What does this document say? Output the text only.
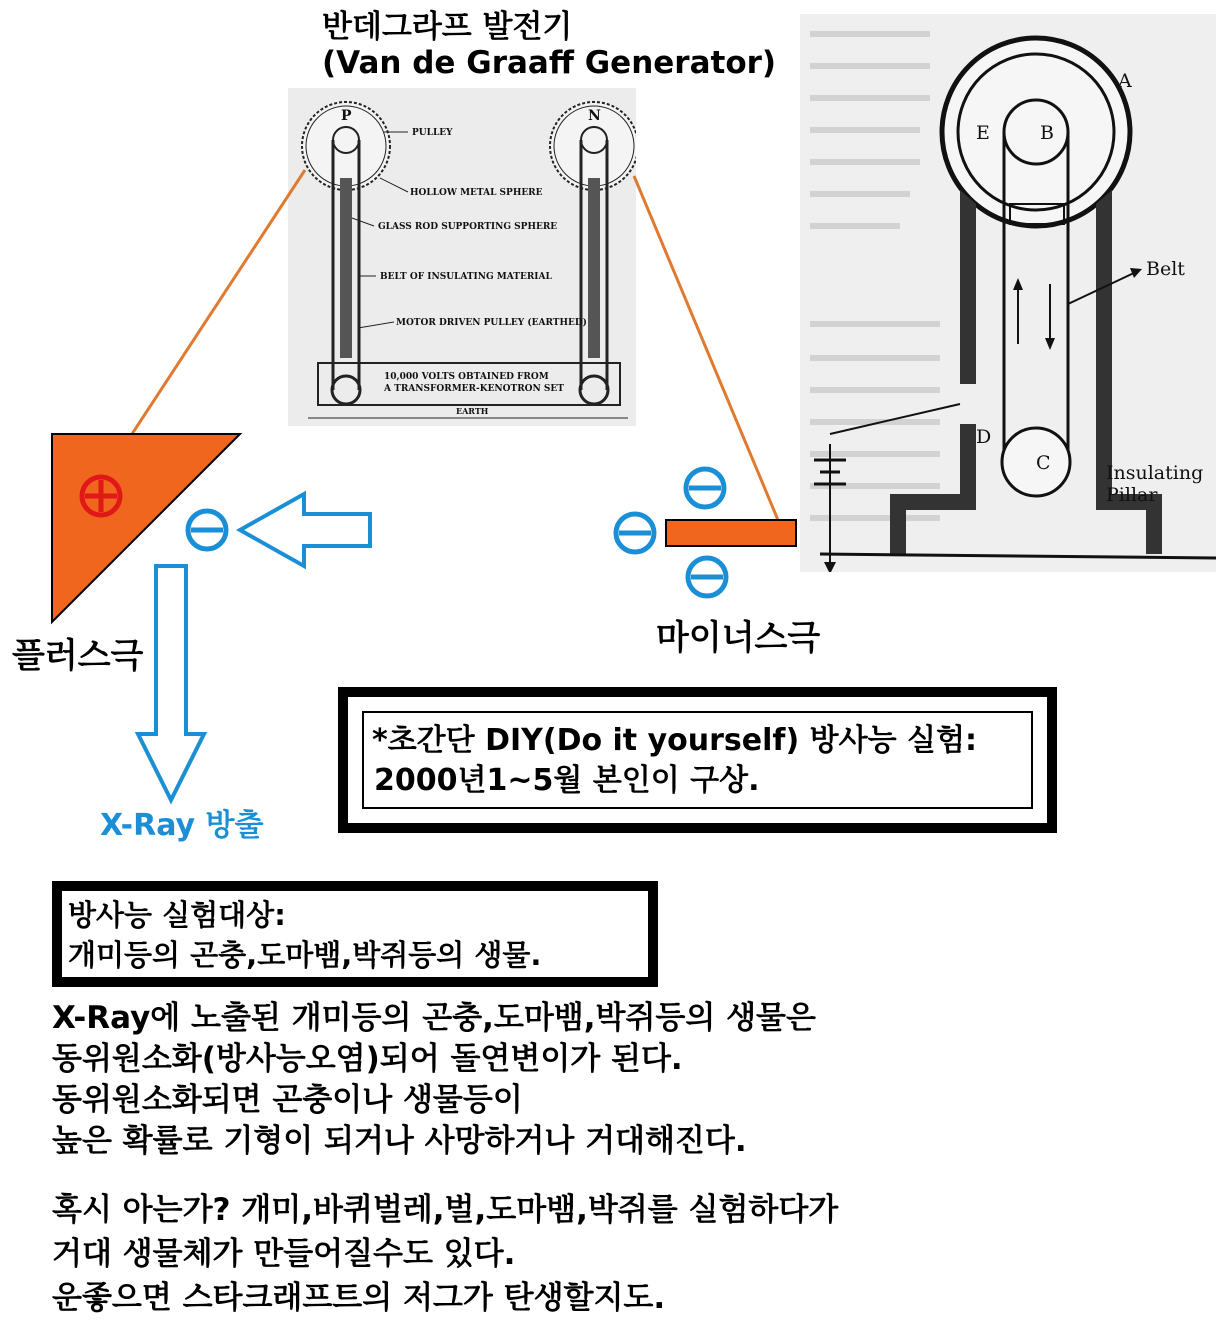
반데그라프 발전기
(Van de Graaff Generator)
P	N
PULLEY
HOLLOW METAL SPHERE
GLASS ROD SUPPORTING SPHERE
BELT OF INSULATING MATERIAL
MOTOR DRIVEN PULLEY (EARTHED)
10,000 VOLTS OBTAINED FROM
A TRANSFORMER-KENOTRON SET
EARTH
A
B
C
D
E
Belt
Insulating
Pillar
플러스극	마이너스극
X-Ray 방출
*초간단 DIY(Do it yourself) 방사능 실험:
2000년1~5월 본인이 구상.
방사능 실험대상:
개미등의 곤충,도마뱀,박쥐등의 생물.
X-Ray에 노출된 개미등의 곤충,도마뱀,박쥐등의 생물은
동위원소화(방사능오염)되어 돌연변이가 된다.
동위원소화되면 곤충이나 생물등이
높은 확률로 기형이 되거나 사망하거나 거대해진다.
혹시 아는가? 개미,바퀴벌레,벌,도마뱀,박쥐를 실험하다가
거대 생물체가 만들어질수도 있다.
운좋으면 스타크래프트의 저그가 탄생할지도.
